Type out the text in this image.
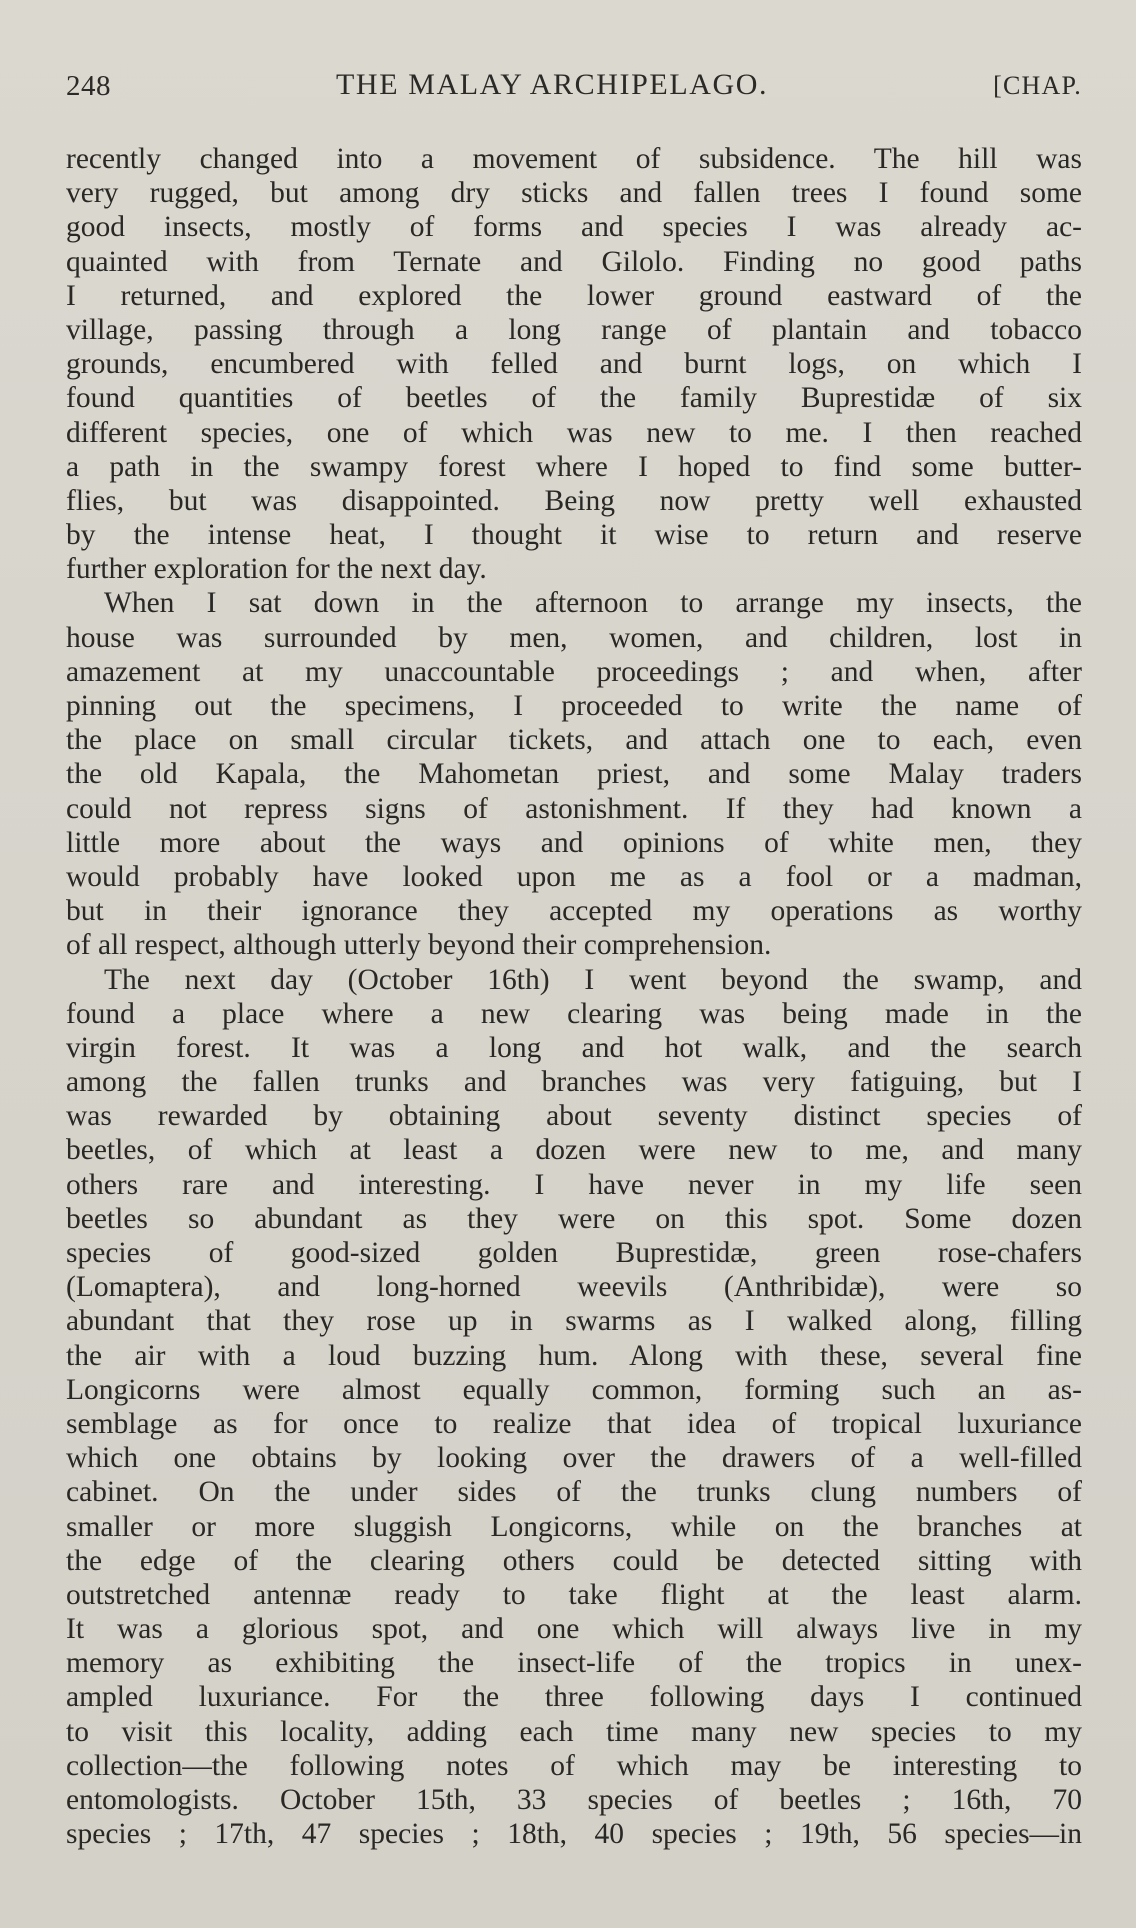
248	THE MALAY ARCHIPELAGO.	[CHAP.
recently changed into a movement of subsidence. The hill was
very rugged, but among dry sticks and fallen trees I found some
good insects, mostly of forms and species I was already ac-
quainted with from Ternate and Gilolo. Finding no good paths
I returned, and explored the lower ground eastward of the
village, passing through a long range of plantain and tobacco
grounds, encumbered with felled and burnt logs, on which I
found quantities of beetles of the family Buprestidæ of six
different species, one of which was new to me. I then reached
a path in the swampy forest where I hoped to find some butter-
flies, but was disappointed. Being now pretty well exhausted
by the intense heat, I thought it wise to return and reserve
further exploration for the next day.
When I sat down in the afternoon to arrange my insects, the
house was surrounded by men, women, and children, lost in
amazement at my unaccountable proceedings ; and when, after
pinning out the specimens, I proceeded to write the name of
the place on small circular tickets, and attach one to each, even
the old Kapala, the Mahometan priest, and some Malay traders
could not repress signs of astonishment. If they had known a
little more about the ways and opinions of white men, they
would probably have looked upon me as a fool or a madman,
but in their ignorance they accepted my operations as worthy
of all respect, although utterly beyond their comprehension.
The next day (October 16th) I went beyond the swamp, and
found a place where a new clearing was being made in the
virgin forest. It was a long and hot walk, and the search
among the fallen trunks and branches was very fatiguing, but I
was rewarded by obtaining about seventy distinct species of
beetles, of which at least a dozen were new to me, and many
others rare and interesting. I have never in my life seen
beetles so abundant as they were on this spot. Some dozen
species of good-sized golden Buprestidæ, green rose-chafers
(Lomaptera), and long-horned weevils (Anthribidæ), were so
abundant that they rose up in swarms as I walked along, filling
the air with a loud buzzing hum. Along with these, several fine
Longicorns were almost equally common, forming such an as-
semblage as for once to realize that idea of tropical luxuriance
which one obtains by looking over the drawers of a well-filled
cabinet. On the under sides of the trunks clung numbers of
smaller or more sluggish Longicorns, while on the branches at
the edge of the clearing others could be detected sitting with
outstretched antennæ ready to take flight at the least alarm.
It was a glorious spot, and one which will always live in my
memory as exhibiting the insect-life of the tropics in unex-
ampled luxuriance. For the three following days I continued
to visit this locality, adding each time many new species to my
collection—the following notes of which may be interesting to
entomologists. October 15th, 33 species of beetles ; 16th, 70
species ; 17th, 47 species ; 18th, 40 species ; 19th, 56 species—in
